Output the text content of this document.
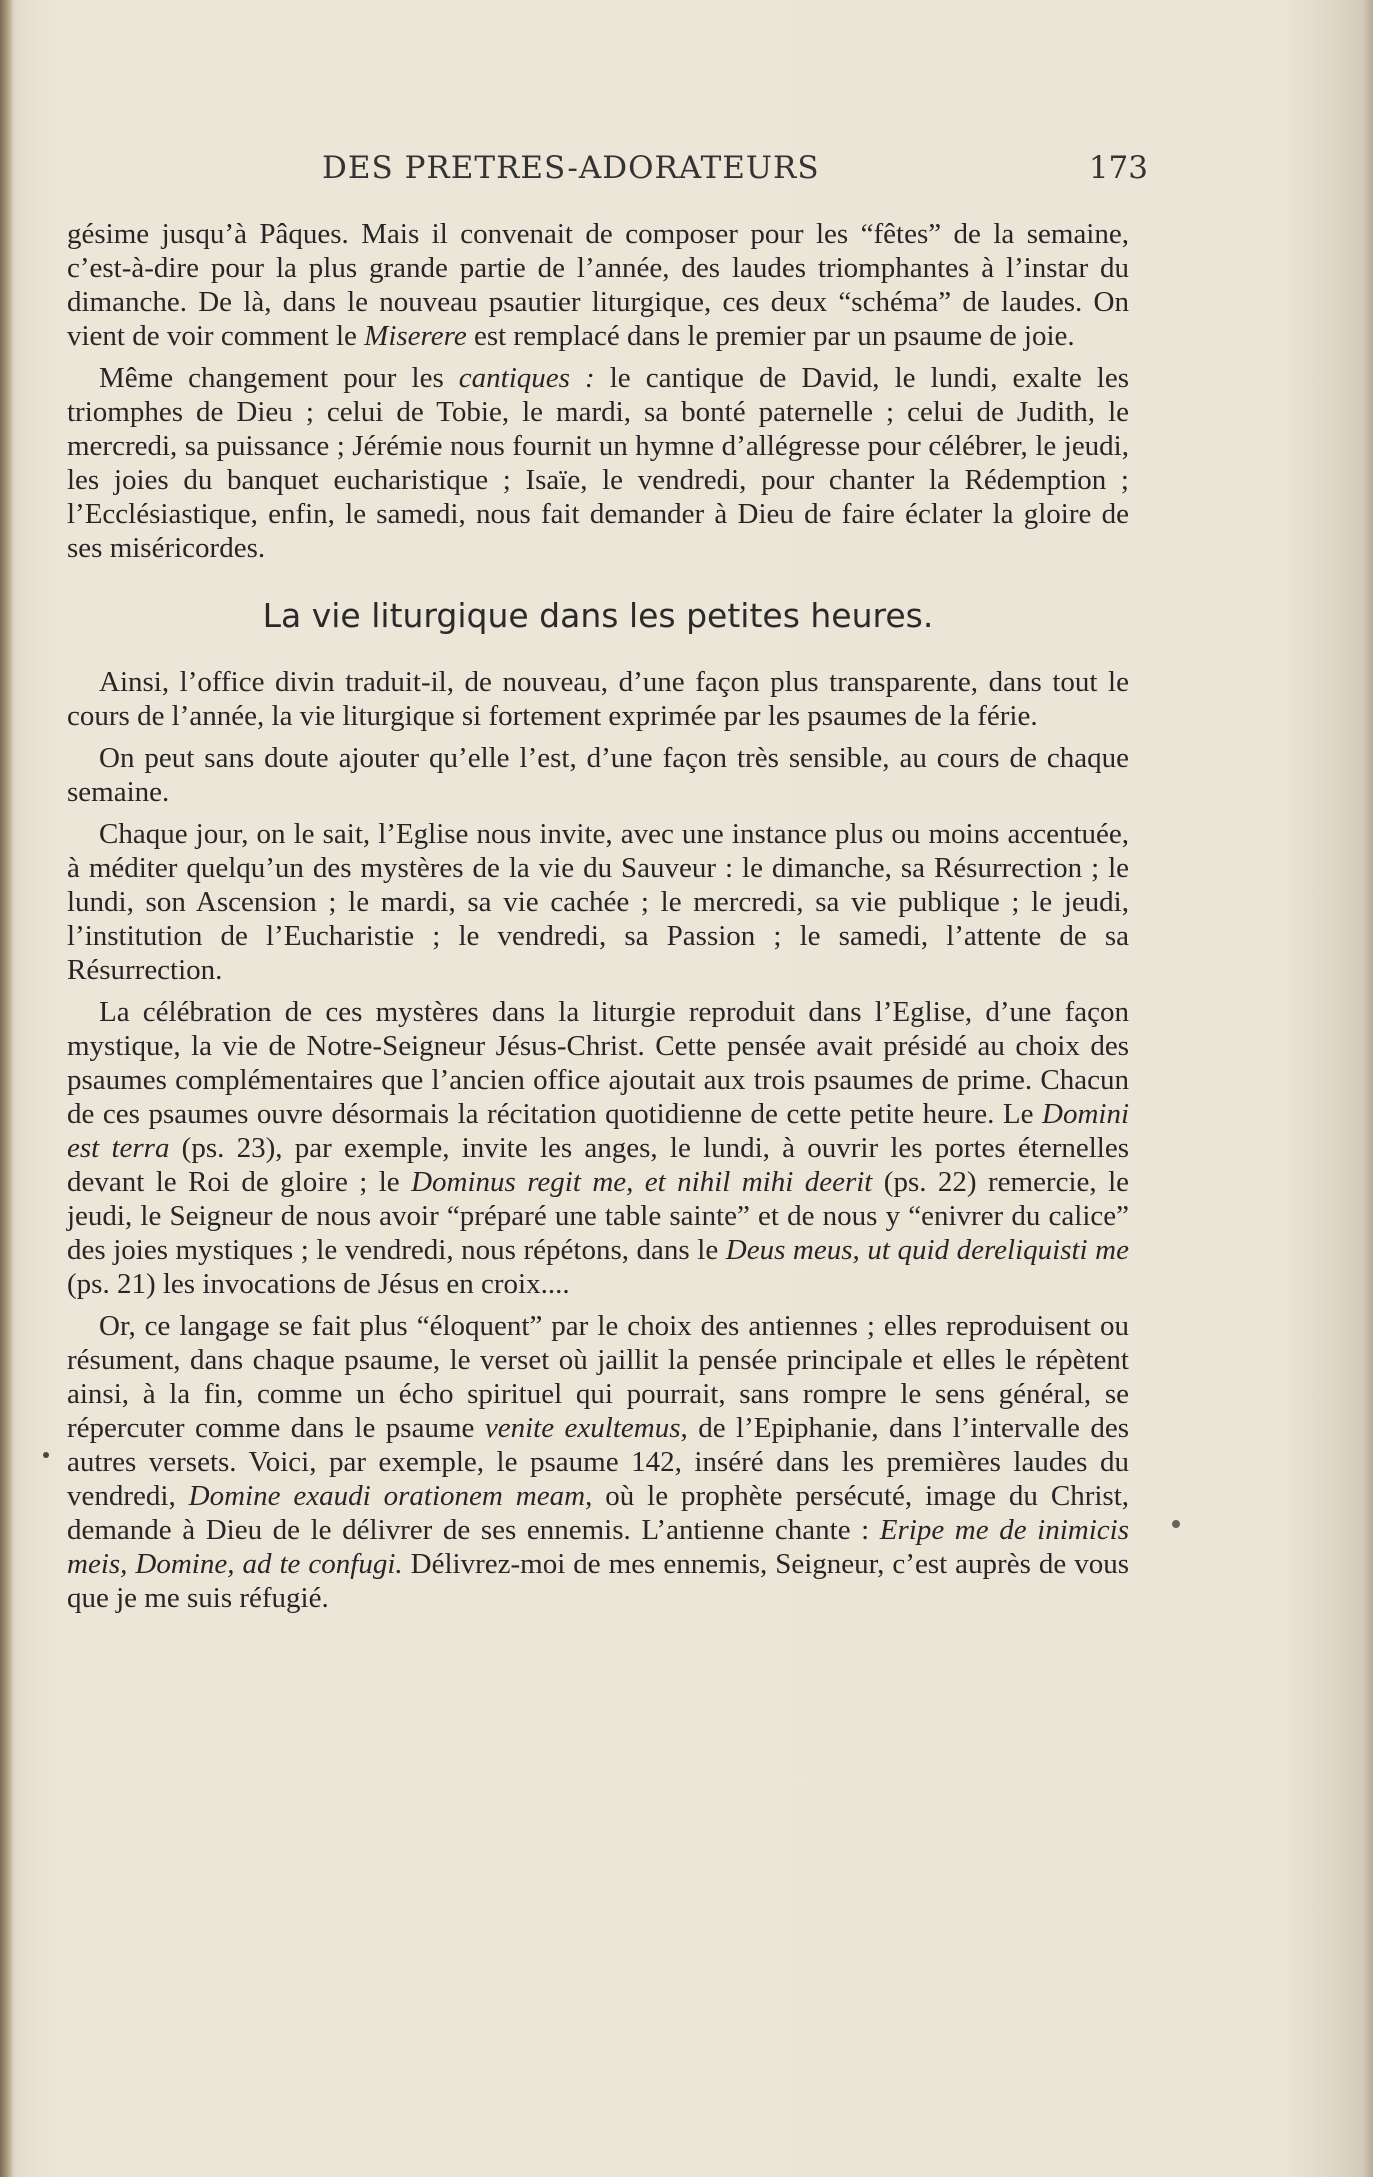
DES PRETRES-ADORATEURS	173

gésime jusqu’à Pâques. Mais il convenait de composer pour les “fêtes” de la semaine, c’est-à-dire pour la plus grande partie de l’année, des laudes triomphantes à l’instar du dimanche. De là, dans le nouveau psautier liturgique, ces deux “schéma” de laudes. On vient de voir comment le Miserere est remplacé dans le premier par un psaume de joie.

Même changement pour les cantiques : le cantique de David, le lundi, exalte les triomphes de Dieu ; celui de Tobie, le mardi, sa bonté paternelle ; celui de Judith, le mercredi, sa puissance ; Jérémie nous fournit un hymne d’allégresse pour célébrer, le jeudi, les joies du banquet eucharistique ; Isaïe, le vendredi, pour chanter la Rédemption ; l’Ecclésiastique, enfin, le samedi, nous fait demander à Dieu de faire éclater la gloire de ses miséricordes.

La vie liturgique dans les petites heures.

Ainsi, l’office divin traduit-il, de nouveau, d’une façon plus transparente, dans tout le cours de l’année, la vie liturgique si fortement exprimée par les psaumes de la férie.

On peut sans doute ajouter qu’elle l’est, d’une façon très sensible, au cours de chaque semaine.

Chaque jour, on le sait, l’Eglise nous invite, avec une instance plus ou moins accentuée, à méditer quelqu’un des mystères de la vie du Sauveur : le dimanche, sa Résurrection ; le lundi, son Ascension ; le mardi, sa vie cachée ; le mercredi, sa vie publique ; le jeudi, l’institution de l’Eucharistie ; le vendredi, sa Passion ; le samedi, l’attente de sa Résurrection.

La célébration de ces mystères dans la liturgie reproduit dans l’Eglise, d’une façon mystique, la vie de Notre-Seigneur Jésus-Christ. Cette pensée avait présidé au choix des psaumes complémentaires que l’ancien office ajoutait aux trois psaumes de prime. Chacun de ces psaumes ouvre désormais la récitation quotidienne de cette petite heure. Le Domini est terra (ps. 23), par exemple, invite les anges, le lundi, à ouvrir les portes éternelles devant le Roi de gloire ; le Dominus regit me, et nihil mihi deerit (ps. 22) remercie, le jeudi, le Seigneur de nous avoir “préparé une table sainte” et de nous y “enivrer du calice” des joies mystiques ; le vendredi, nous répétons, dans le Deus meus, ut quid dereliquisti me (ps. 21) les invocations de Jésus en croix....

Or, ce langage se fait plus “éloquent” par le choix des antiennes ; elles reproduisent ou résument, dans chaque psaume, le verset où jaillit la pensée principale et elles le répètent ainsi, à la fin, comme un écho spirituel qui pourrait, sans rompre le sens général, se répercuter comme dans le psaume venite exultemus, de l’Epiphanie, dans l’intervalle des autres versets. Voici, par exemple, le psaume 142, inséré dans les premières laudes du vendredi, Domine exaudi orationem meam, où le prophète persécuté, image du Christ, demande à Dieu de le délivrer de ses ennemis. L’antienne chante : Eripe me de inimicis meis, Domine, ad te confugi. Délivrez-moi de mes ennemis, Seigneur, c’est auprès de vous que je me suis réfugié.
